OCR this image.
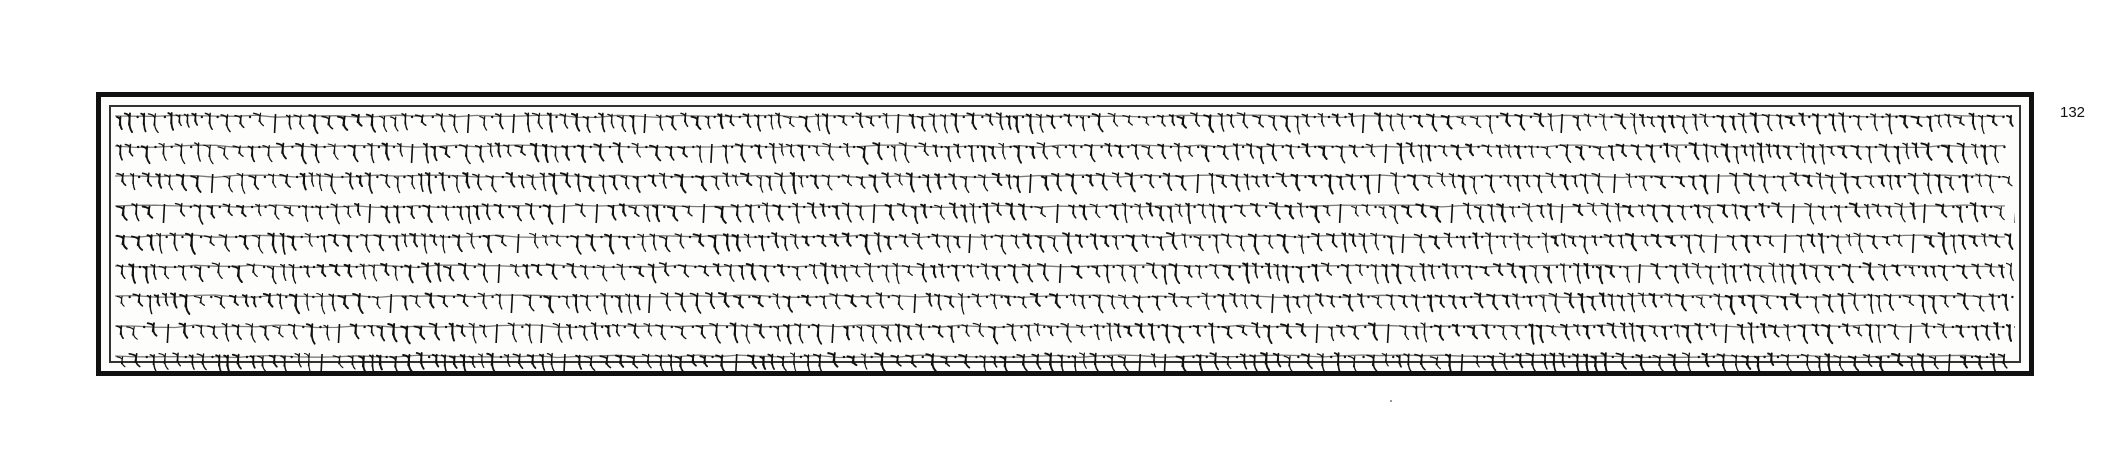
132
